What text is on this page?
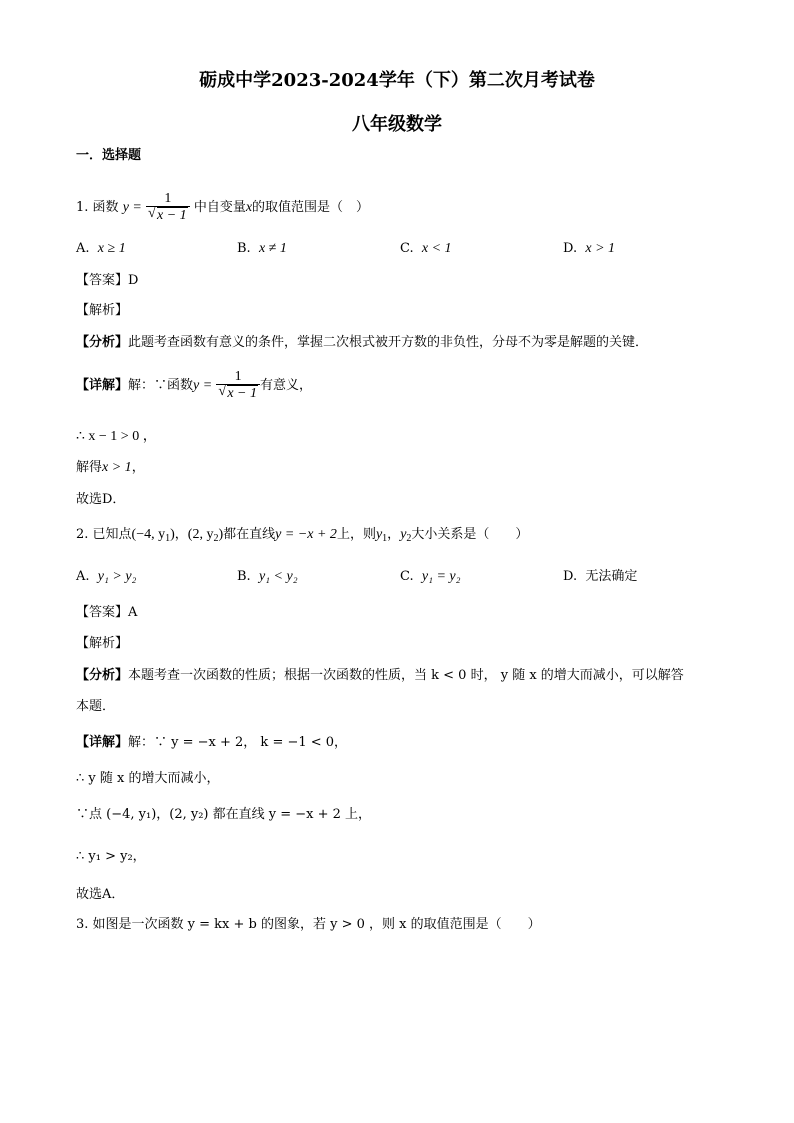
砺成中学2023-2024学年（下）第二次月考试卷
八年级数学
一．选择题
1. 函数 y = 1
√ x − 1 中自变量x的取值范围是（　）
A. x ≥ 1	B. x ≠ 1	C. x < 1	D. x > 1
【答案】D
【解析】
【分析】此题考查函数有意义的条件，掌握二次根式被开方数的非负性，分母不为零是解题的关键．
【详解】解：∵函数y = 1
√ x − 1 有意义，
∴ x − 1 > 0 ，
解得x > 1，
故选D．
2. 已知点(−4, $y_1$)，(2, $y_2$)都在直线y = −x + 2上，则$y_1$，$y_2$大小关系是（　　）
A. y₁ > y₂	B. y₁ < y₂	C. y₁ = y₂	D. 无法确定
【答案】A
【解析】
【分析】本题考查一次函数的性质；根据一次函数的性质，当 k < 0 时， y 随 x 的增大而减小，可以解答
本题．
【详解】解：∵ y = −x + 2， k = −1 < 0，
∴ y 随 x 的增大而减小，
∵点 (−4, y₁)，(2, y₂) 都在直线 y = −x + 2 上，
∴ y₁ > y₂，
故选A．
3. 如图是一次函数 y = kx + b 的图象，若 y > 0 ，则 x 的取值范围是（　　）
